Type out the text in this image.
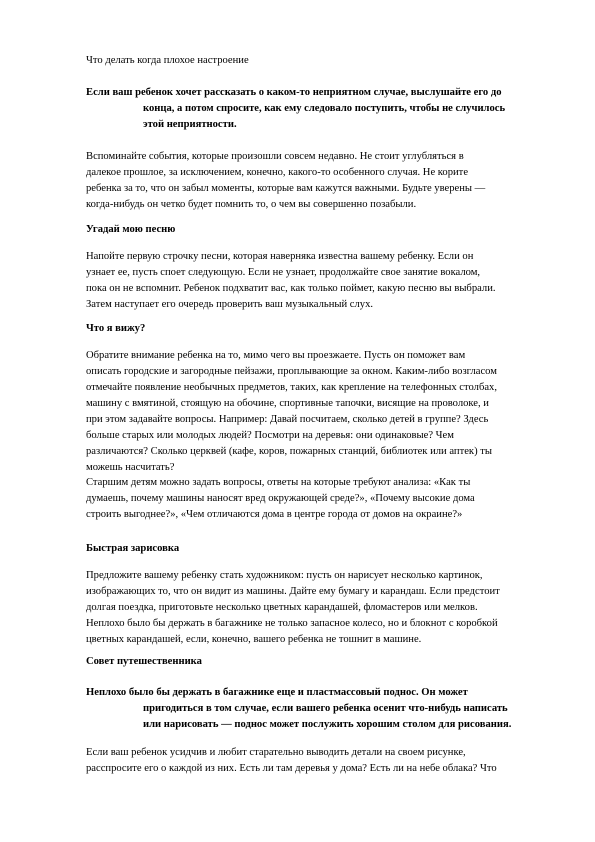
Что делать когда плохое настроение

Если ваш ребенок хочет рассказать о каком-то неприятном случае, выслушайте его до
конца, а потом спросите, как ему следовало поступить, чтобы не случилось
этой неприятности.

Вспоминайте события, которые произошли совсем недавно. Не стоит углубляться в
далекое прошлое, за исключением, конечно, какого-то особенного случая. Не корите
ребенка за то, что он забыл моменты, которые вам кажутся важными. Будьте уверены —
когда-нибудь он четко будет помнить то, о чем вы совершенно позабыли.

Угадай мою песню

Напойте первую строчку песни, которая наверняка известна вашему ребенку. Если он
узнает ее, пусть споет следующую. Если не узнает, продолжайте свое занятие вокалом,
пока он не вспомнит. Ребенок подхватит вас, как только поймет, какую песню вы выбрали.
Затем наступает его очередь проверить ваш музыкальный слух.

Что я вижу?

Обратите внимание ребенка на то, мимо чего вы проезжаете. Пусть он поможет вам
описать городские и загородные пейзажи, проплывающие за окном. Каким-либо возгласом
отмечайте появление необычных предметов, таких, как крепление на телефонных столбах,
машину с вмятиной, стоящую на обочине, спортивные тапочки, висящие на проволоке, и
при этом задавайте вопросы. Например: Давай посчитаем, сколько детей в группе? Здесь
больше старых или молодых людей? Посмотри на деревья: они одинаковые? Чем
различаются? Сколько церквей (кафе, коров, пожарных станций, библиотек или аптек) ты
можешь насчитать?

Старшим детям можно задать вопросы, ответы на которые требуют анализа: «Как ты
думаешь, почему машины наносят вред окружающей среде?», «Почему высокие дома
строить выгоднее?», «Чем отличаются дома в центре города от домов на окраине?»

Быстрая зарисовка

Предложите вашему ребенку стать художником: пусть он нарисует несколько картинок,
изображающих то, что он видит из машины. Дайте ему бумагу и карандаш. Если предстоит
долгая поездка, приготовьте несколько цветных карандашей, фломастеров или мелков.
Неплохо было бы держать в багажнике не только запасное колесо, но и блокнот с коробкой
цветных карандашей, если, конечно, вашего ребенка не тошнит в машине.

Совет путешественника

Неплохо было бы держать в багажнике еще и пластмассовый поднос. Он может
пригодиться в том случае, если вашего ребенка осенит что-нибудь написать
или нарисовать — поднос может послужить хорошим столом для рисования.

Если ваш ребенок усидчив и любит старательно выводить детали на своем рисунке,
расспросите его о каждой из них. Есть ли там деревья у дома? Есть ли на небе облака? Что
